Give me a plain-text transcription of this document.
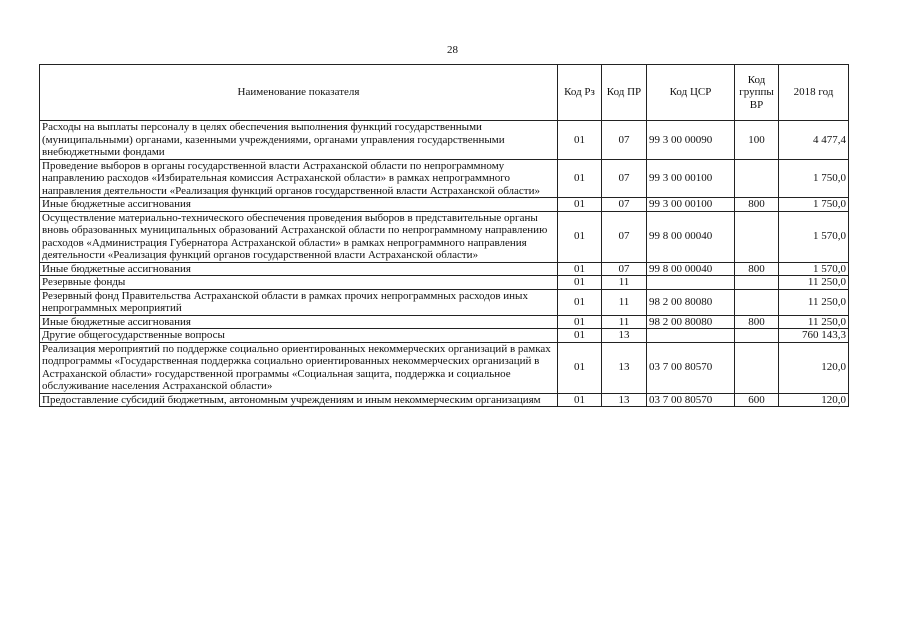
28
Наименование показателя	Код Рз	Код ПР	Код ЦСР	Код группы ВР	2018 год
Расходы на выплаты персоналу в целях обеспечения выполнения функций государственными (муниципальными) органами, казенными учреждениями, органами управления государственными внебюджетными фондами	01	07	99 3 00 00090	100	4 477,4
Проведение выборов в органы государственной власти Астраханской области по непрограммному направлению расходов «Избирательная комиссия Астраханской области» в рамках непрограммного направления деятельности «Реализация функций органов государственной власти Астраханской области»	01	07	99 3 00 00100		1 750,0
Иные бюджетные ассигнования	01	07	99 3 00 00100	800	1 750,0
Осуществление материально-технического обеспечения проведения выборов в представительные органы вновь образованных муниципальных образований Астраханской области по непрограммному направлению расходов «Администрация Губернатора Астраханской области» в рамках непрограммного направления деятельности «Реализация функций органов государственной власти Астраханской области»	01	07	99 8 00 00040		1 570,0
Иные бюджетные ассигнования	01	07	99 8 00 00040	800	1 570,0
Резервные фонды	01	11			11 250,0
Резервный фонд Правительства Астраханской области в рамках прочих непрограммных расходов иных непрограммных мероприятий	01	11	98 2 00 80080		11 250,0
Иные бюджетные ассигнования	01	11	98 2 00 80080	800	11 250,0
Другие общегосударственные вопросы	01	13			760 143,3
Реализация мероприятий по поддержке социально ориентированных некоммерческих организаций в рамках подпрограммы «Государственная поддержка социально ориентированных некоммерческих организаций в Астраханской области» государственной программы «Социальная защита, поддержка и социальное обслуживание населения Астраханской области»	01	13	03 7 00 80570		120,0
Предоставление субсидий бюджетным, автономным учреждениям и иным некоммерческим организациям	01	13	03 7 00 80570	600	120,0
